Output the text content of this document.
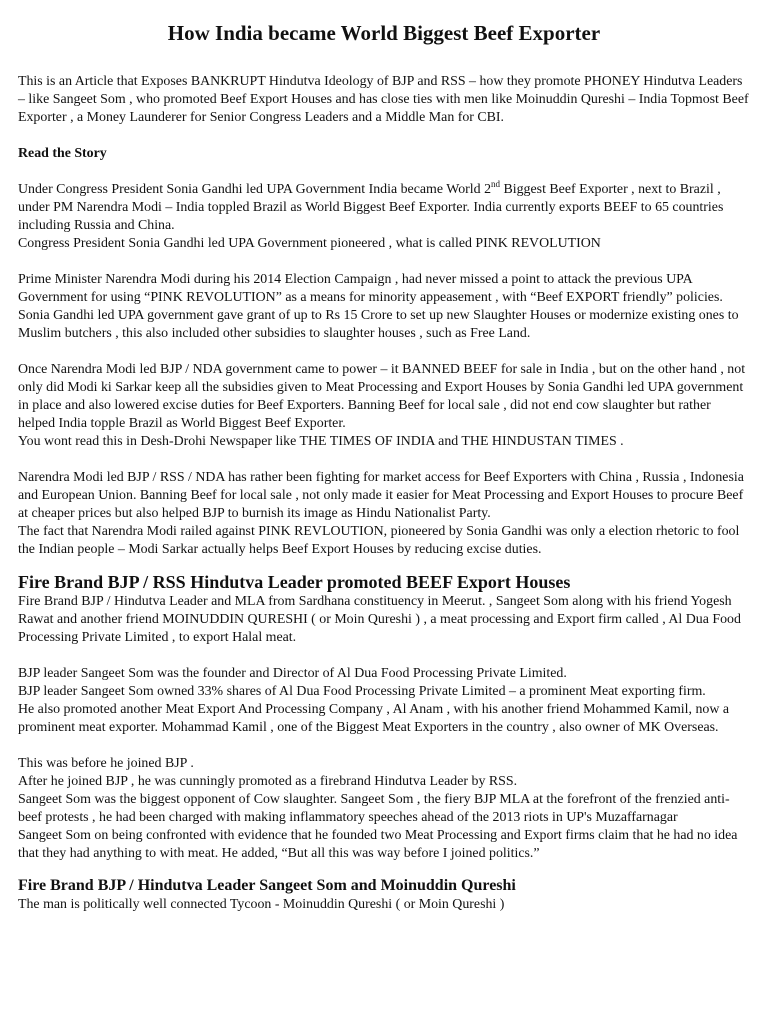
How India became World Biggest Beef Exporter

This is an Article that Exposes BANKRUPT Hindutva Ideology of BJP and RSS – how they promote PHONEY Hindutva Leaders – like Sangeet Som , who promoted Beef Export Houses and has close ties with men like Moinuddin Qureshi – India Topmost Beef Exporter , a Money Launderer for Senior Congress Leaders and a Middle Man for CBI.

Read the Story

Under Congress President Sonia Gandhi led UPA Government India became World 2nd Biggest Beef Exporter , next to Brazil , under PM Narendra Modi – India toppled Brazil as World Biggest Beef Exporter. India currently exports BEEF to 65 countries including Russia and China.

Congress President Sonia Gandhi led UPA Government pioneered , what is called PINK REVOLUTION

Prime Minister Narendra Modi during his 2014 Election Campaign , had never missed a point to attack the previous UPA Government for using “PINK REVOLUTION” as a means for minority appeasement , with “Beef EXPORT friendly” policies. Sonia Gandhi led UPA government gave grant of up to Rs 15 Crore to set up new Slaughter Houses or modernize existing ones to Muslim butchers , this also included other subsidies to slaughter houses , such as Free Land.

Once Narendra Modi led BJP / NDA government came to power – it BANNED BEEF for sale in India , but on the other hand , not only did Modi ki Sarkar keep all the subsidies given to Meat Processing and Export Houses by Sonia Gandhi led UPA government in place and also lowered excise duties for Beef Exporters. Banning Beef for local sale , did not end cow slaughter but rather helped India topple Brazil as World Biggest Beef Exporter.

You wont read this in Desh-Drohi Newspaper like THE TIMES OF INDIA and THE HINDUSTAN TIMES .

Narendra Modi led BJP / RSS / NDA has rather been fighting for market access for Beef Exporters with China , Russia , Indonesia and European Union. Banning Beef for local sale , not only made it easier for Meat Processing and Export Houses to procure Beef at cheaper prices but also helped BJP to burnish its image as Hindu Nationalist Party.

The fact that Narendra Modi railed against PINK REVLOUTION, pioneered by Sonia Gandhi was only a election rhetoric to fool the Indian people – Modi Sarkar actually helps Beef Export Houses by reducing excise duties.

Fire Brand BJP / RSS Hindutva Leader promoted BEEF Export Houses

Fire Brand BJP / Hindutva Leader and MLA from Sardhana constituency in Meerut. , Sangeet Som along with his friend Yogesh Rawat and another friend MOINUDDIN QURESHI ( or Moin Qureshi ) , a meat processing and Export firm called , Al Dua Food Processing Private Limited , to export Halal meat.

BJP leader Sangeet Som was the founder and Director of Al Dua Food Processing Private Limited.

BJP leader Sangeet Som owned 33% shares of Al Dua Food Processing Private Limited – a prominent Meat exporting firm.

He also promoted another Meat Export And Processing Company , Al Anam , with his another friend Mohammed Kamil, now a prominent meat exporter. Mohammad Kamil , one of the Biggest Meat Exporters in the country , also owner of MK Overseas.

This was before he joined BJP .

After he joined BJP , he was cunningly promoted as a firebrand Hindutva Leader by RSS.

Sangeet Som was the biggest opponent of Cow slaughter. Sangeet Som , the fiery BJP MLA at the forefront of the frenzied anti-beef protests , he had been charged with making inflammatory speeches ahead of the 2013 riots in UP's Muzaffarnagar

Sangeet Som on being confronted with evidence that he founded two Meat Processing and Export firms claim that he had no idea that they had anything to with meat. He added, “But all this was way before I joined politics.”

Fire Brand BJP / Hindutva Leader Sangeet Som and Moinuddin Qureshi

The man is politically well connected Tycoon - Moinuddin Qureshi ( or Moin Qureshi )
